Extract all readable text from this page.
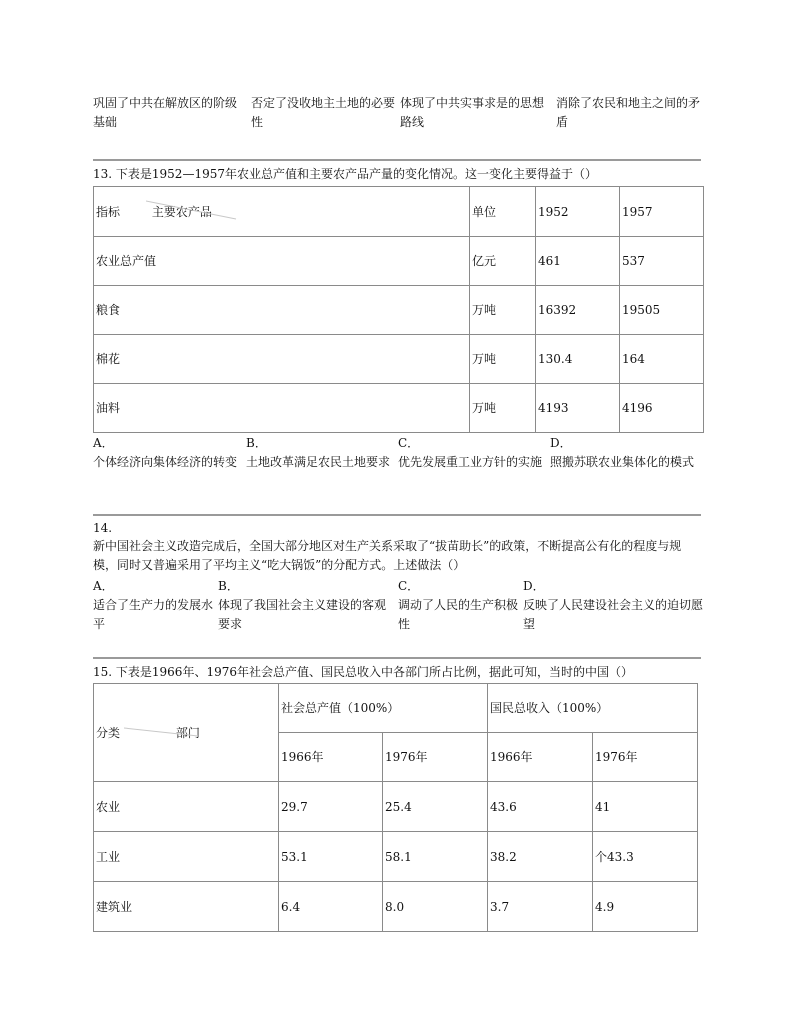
巩固了中共在解放区的阶级基础
否定了没收地主土地的必要性
体现了中共实事求是的思想路线
消除了农民和地主之间的矛盾
13. 下表是1952—1957年农业总产值和主要农产品产量的变化情况。这一变化主要得益于（）
指标 主要农产品	单位	1952	1957
农业总产值	亿元	461	537
粮食	万吨	16392	19505
棉花	万吨	130.4	164
油料	万吨	4193	4196
A．
个体经济向集体经济的转变
B．
土地改革满足农民土地要求
C．
优先发展重工业方针的实施
D．
照搬苏联农业集体化的模式
14.
新中国社会主义改造完成后，全国大部分地区对生产关系采取了“拔苗助长”的政策，不断提高公有化的程度与规模，同时又普遍采用了平均主义“吃大锅饭”的分配方式。上述做法（）
A．
适合了生产力的发展水平
B．
体现了我国社会主义建设的客观要求
C．
调动了人民的生产积极性
D．
反映了人民建设社会主义的迫切愿望
15. 下表是1966年、1976年社会总产值、国民总收入中各部门所占比例，据此可知，当时的中国（）
分类 部门	社会总产值（100%）		国民总收入（100%）	
	1966年	1976年	1966年	1976年
农业	29.7	25.4	43.6	41
工业	53.1	58.1	38.2	个43.3
建筑业	6.4	8.0	3.7	4.9
